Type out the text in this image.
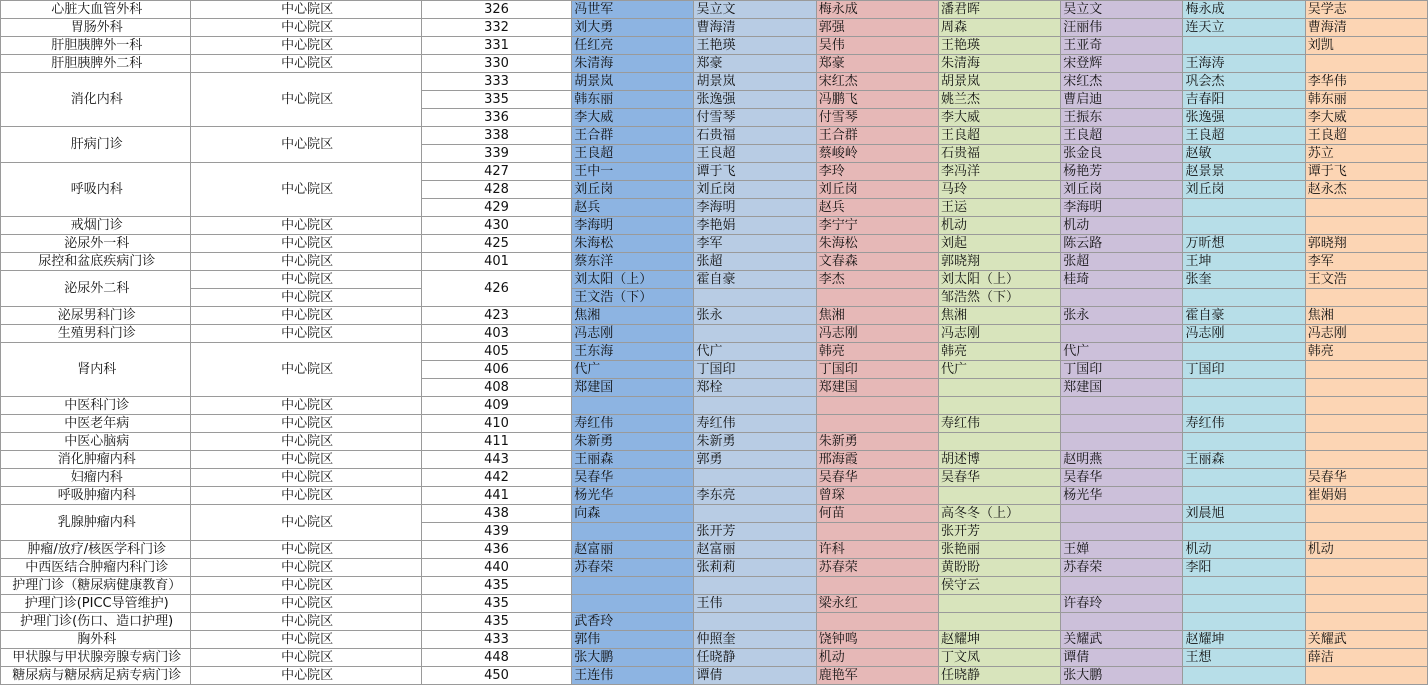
心脏大血管外科	中心院区	326	冯世军	吴立文	梅永成	潘君晖	吴立文	梅永成	吴学志
胃肠外科	中心院区	332	刘大勇	曹海清	郭强	周森	汪丽伟	连天立	曹海清
肝胆胰脾外一科	中心院区	331	任红亮	王艳瑛	吴伟	王艳瑛	王亚奇		刘凯
肝胆胰脾外二科	中心院区	330	朱清海	郑豪	郑豪	朱清海	宋登辉	王海涛	
消化内科	中心院区	333	胡景岚	胡景岚	宋红杰	胡景岚	宋红杰	巩会杰	李华伟
		335	韩东丽	张逸强	冯鹏飞	姚兰杰	曹启迪	吉春阳	韩东丽
		336	李大威	付雪琴	付雪琴	李大威	王振东	张逸强	李大威
肝病门诊	中心院区	338	王合群	石贵福	王合群	王良超	王良超	王良超	王良超
		339	王良超	王良超	蔡峻岭	石贵福	张金良	赵敏	苏立
呼吸内科	中心院区	427	王中一	谭于飞	李玲	李冯洋	杨艳芳	赵景景	谭于飞
		428	刘丘岗	刘丘岗	刘丘岗	马玲	刘丘岗	刘丘岗	赵永杰
		429	赵兵	李海明	赵兵	王运	李海明		
戒烟门诊	中心院区	430	李海明	李艳娟	李宁宁	机动	机动		
泌尿外一科	中心院区	425	朱海松	李军	朱海松	刘起	陈云路	万昕想	郭晓翔
尿控和盆底疾病门诊	中心院区	401	蔡东洋	张超	文春森	郭晓翔	张超	王坤	李军
泌尿外二科	中心院区	426	刘太阳（上）	霍自豪	李杰	刘太阳（上）	桂琦	张奎	王文浩
	中心院区		王文浩（下）			邹浩然（下）			
泌尿男科门诊	中心院区	423	焦湘	张永	焦湘	焦湘	张永	霍自豪	焦湘
生殖男科门诊	中心院区	403	冯志刚		冯志刚	冯志刚		冯志刚	冯志刚
肾内科	中心院区	405	王东海	代广	韩亮	韩亮	代广		韩亮
		406	代广	丁国印	丁国印	代广	丁国印	丁国印	
		408	郑建国	郑栓	郑建国		郑建国		
中医科门诊	中心院区	409							
中医老年病	中心院区	410	寿红伟	寿红伟		寿红伟		寿红伟	
中医心脑病	中心院区	411	朱新勇	朱新勇	朱新勇				
消化肿瘤内科	中心院区	443	王丽森	郭勇	邢海霞	胡述博	赵明燕	王丽森	
妇瘤内科	中心院区	442	吴春华		吴春华	吴春华	吴春华		吴春华
呼吸肿瘤内科	中心院区	441	杨光华	李东亮	曾琛		杨光华		崔娟娟
乳腺肿瘤内科	中心院区	438	向森		何苗	高冬冬（上）		刘晨旭	
		439		张开芳		张开芳			
肿瘤/放疗/核医学科门诊	中心院区	436	赵富丽	赵富丽	许科	张艳丽	王婵	机动	机动
中西医结合肿瘤内科门诊	中心院区	440	苏春荣	张莉莉	苏春荣	黄盼盼	苏春荣	李阳	
护理门诊（糖尿病健康教育）	中心院区	435				侯守云			
护理门诊(PICC导管维护)	中心院区	435		王伟	梁永红		许春玲		
护理门诊(伤口、造口护理)	中心院区	435	武香玲						
胸外科	中心院区	433	郭伟	仲照奎	饶钟鸣	赵耀坤	关耀武	赵耀坤	关耀武
甲状腺与甲状腺旁腺专病门诊	中心院区	448	张大鹏	任晓静	机动	丁文凤	谭倩	王想	薛洁
糖尿病与糖尿病足病专病门诊	中心院区	450	王连伟	谭倩	鹿艳军	任晓静	张大鹏		
